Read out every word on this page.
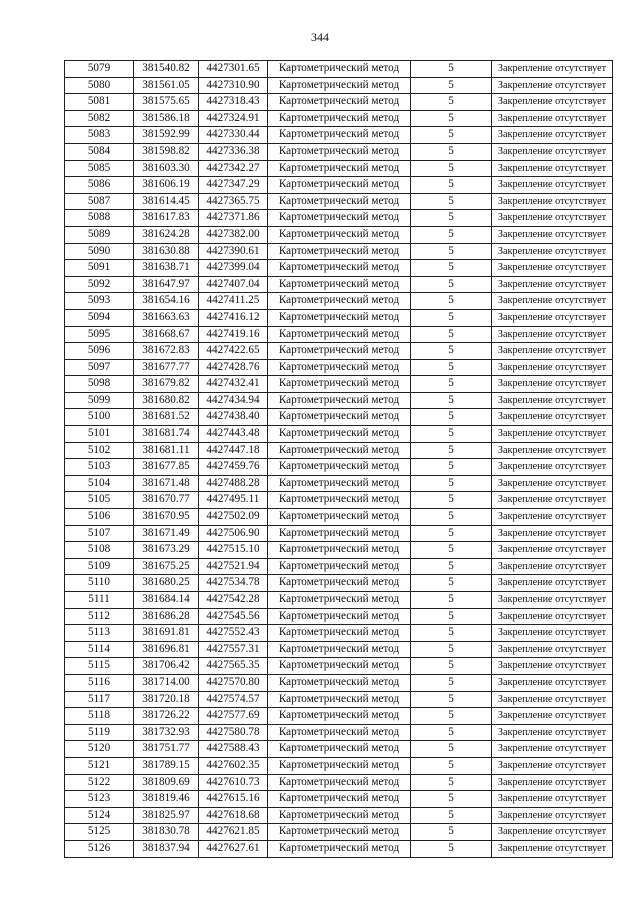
344
5079	381540.82	4427301.65	Картометрический метод	5	Закрепление отсутствует
5080	381561.05	4427310.90	Картометрический метод	5	Закрепление отсутствует
5081	381575.65	4427318.43	Картометрический метод	5	Закрепление отсутствует
5082	381586.18	4427324.91	Картометрический метод	5	Закрепление отсутствует
5083	381592.99	4427330.44	Картометрический метод	5	Закрепление отсутствует
5084	381598.82	4427336.38	Картометрический метод	5	Закрепление отсутствует
5085	381603.30	4427342.27	Картометрический метод	5	Закрепление отсутствует
5086	381606.19	4427347.29	Картометрический метод	5	Закрепление отсутствует
5087	381614.45	4427365.75	Картометрический метод	5	Закрепление отсутствует
5088	381617.83	4427371.86	Картометрический метод	5	Закрепление отсутствует
5089	381624.28	4427382.00	Картометрический метод	5	Закрепление отсутствует
5090	381630.88	4427390.61	Картометрический метод	5	Закрепление отсутствует
5091	381638.71	4427399.04	Картометрический метод	5	Закрепление отсутствует
5092	381647.97	4427407.04	Картометрический метод	5	Закрепление отсутствует
5093	381654.16	4427411.25	Картометрический метод	5	Закрепление отсутствует
5094	381663.63	4427416.12	Картометрический метод	5	Закрепление отсутствует
5095	381668.67	4427419.16	Картометрический метод	5	Закрепление отсутствует
5096	381672.83	4427422.65	Картометрический метод	5	Закрепление отсутствует
5097	381677.77	4427428.76	Картометрический метод	5	Закрепление отсутствует
5098	381679.82	4427432.41	Картометрический метод	5	Закрепление отсутствует
5099	381680.82	4427434.94	Картометрический метод	5	Закрепление отсутствует
5100	381681.52	4427438.40	Картометрический метод	5	Закрепление отсутствует
5101	381681.74	4427443.48	Картометрический метод	5	Закрепление отсутствует
5102	381681.11	4427447.18	Картометрический метод	5	Закрепление отсутствует
5103	381677.85	4427459.76	Картометрический метод	5	Закрепление отсутствует
5104	381671.48	4427488.28	Картометрический метод	5	Закрепление отсутствует
5105	381670.77	4427495.11	Картометрический метод	5	Закрепление отсутствует
5106	381670.95	4427502.09	Картометрический метод	5	Закрепление отсутствует
5107	381671.49	4427506.90	Картометрический метод	5	Закрепление отсутствует
5108	381673.29	4427515.10	Картометрический метод	5	Закрепление отсутствует
5109	381675.25	4427521.94	Картометрический метод	5	Закрепление отсутствует
5110	381680.25	4427534.78	Картометрический метод	5	Закрепление отсутствует
5111	381684.14	4427542.28	Картометрический метод	5	Закрепление отсутствует
5112	381686.28	4427545.56	Картометрический метод	5	Закрепление отсутствует
5113	381691.81	4427552.43	Картометрический метод	5	Закрепление отсутствует
5114	381696.81	4427557.31	Картометрический метод	5	Закрепление отсутствует
5115	381706.42	4427565.35	Картометрический метод	5	Закрепление отсутствует
5116	381714.00	4427570.80	Картометрический метод	5	Закрепление отсутствует
5117	381720.18	4427574.57	Картометрический метод	5	Закрепление отсутствует
5118	381726.22	4427577.69	Картометрический метод	5	Закрепление отсутствует
5119	381732.93	4427580.78	Картометрический метод	5	Закрепление отсутствует
5120	381751.77	4427588.43	Картометрический метод	5	Закрепление отсутствует
5121	381789.15	4427602.35	Картометрический метод	5	Закрепление отсутствует
5122	381809.69	4427610.73	Картометрический метод	5	Закрепление отсутствует
5123	381819.46	4427615.16	Картометрический метод	5	Закрепление отсутствует
5124	381825.97	4427618.68	Картометрический метод	5	Закрепление отсутствует
5125	381830.78	4427621.85	Картометрический метод	5	Закрепление отсутствует
5126	381837.94	4427627.61	Картометрический метод	5	Закрепление отсутствует
